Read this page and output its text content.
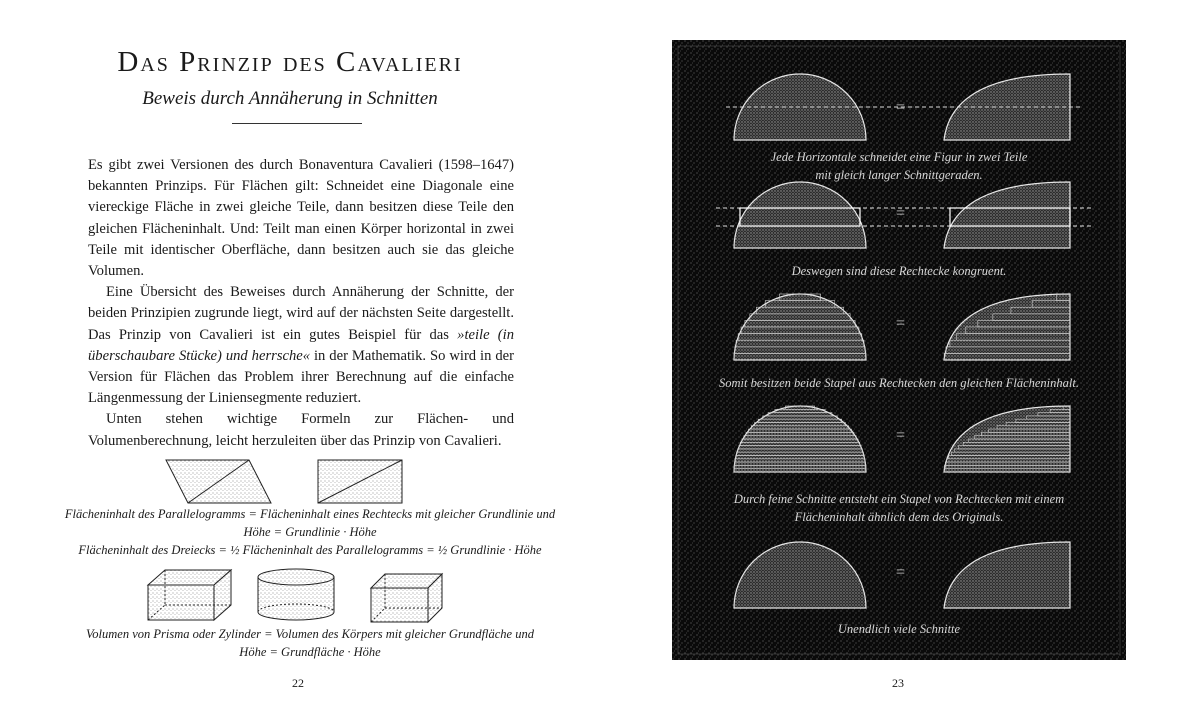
Das Prinzip des Cavalieri
Beweis durch Annäherung in Schnitten

Es gibt zwei Versionen des durch Bonaventura Cavalieri (1598–1647) bekannten Prinzips. Für Flächen gilt: Schneidet eine Diagonale eine viereckige Fläche in zwei gleiche Teile, dann besitzen diese Teile den gleichen Flächeninhalt. Und: Teilt man einen Körper horizontal in zwei Teile mit identischer Oberfläche, dann besitzen auch sie das gleiche Volumen.

Eine Übersicht des Beweises durch Annäherung der Schnitte, der beiden Prinzipien zugrunde liegt, wird auf der nächsten Seite dargestellt. Das Prinzip von Cavalieri ist ein gutes Beispiel für das »teile (in überschaubare Stücke) und herrsche« in der Mathematik. So wird in der Version für Flächen das Problem ihrer Berechnung auf die einfache Längenmessung der Liniensegmente reduziert.

Unten stehen wichtige Formeln zur Flächen- und Volumenberechnung, leicht herzuleiten über das Prinzip von Cavalieri.

Flächeninhalt des Parallelogramms = Flächeninhalt eines Rechtecks mit gleicher Grundlinie und
Höhe = Grundlinie · Höhe
Flächeninhalt des Dreiecks = ½ Flächeninhalt des Parallelogramms = ½ Grundlinie · Höhe
Volumen von Prisma oder Zylinder = Volumen des Körpers mit gleicher Grundfläche und
Höhe = Grundfläche · Höhe
22
Jede Horizontale schneidet eine Figur in zwei Teile
mit gleich langer Schnittgeraden.
Deswegen sind diese Rechtecke kongruent.
Somit besitzen beide Stapel aus Rechtecken den gleichen Flächeninhalt.
Durch feine Schnitte entsteht ein Stapel von Rechtecken mit einem
Flächeninhalt ähnlich dem des Originals.
Unendlich viele Schnitte
=
=
=
=
=
23
